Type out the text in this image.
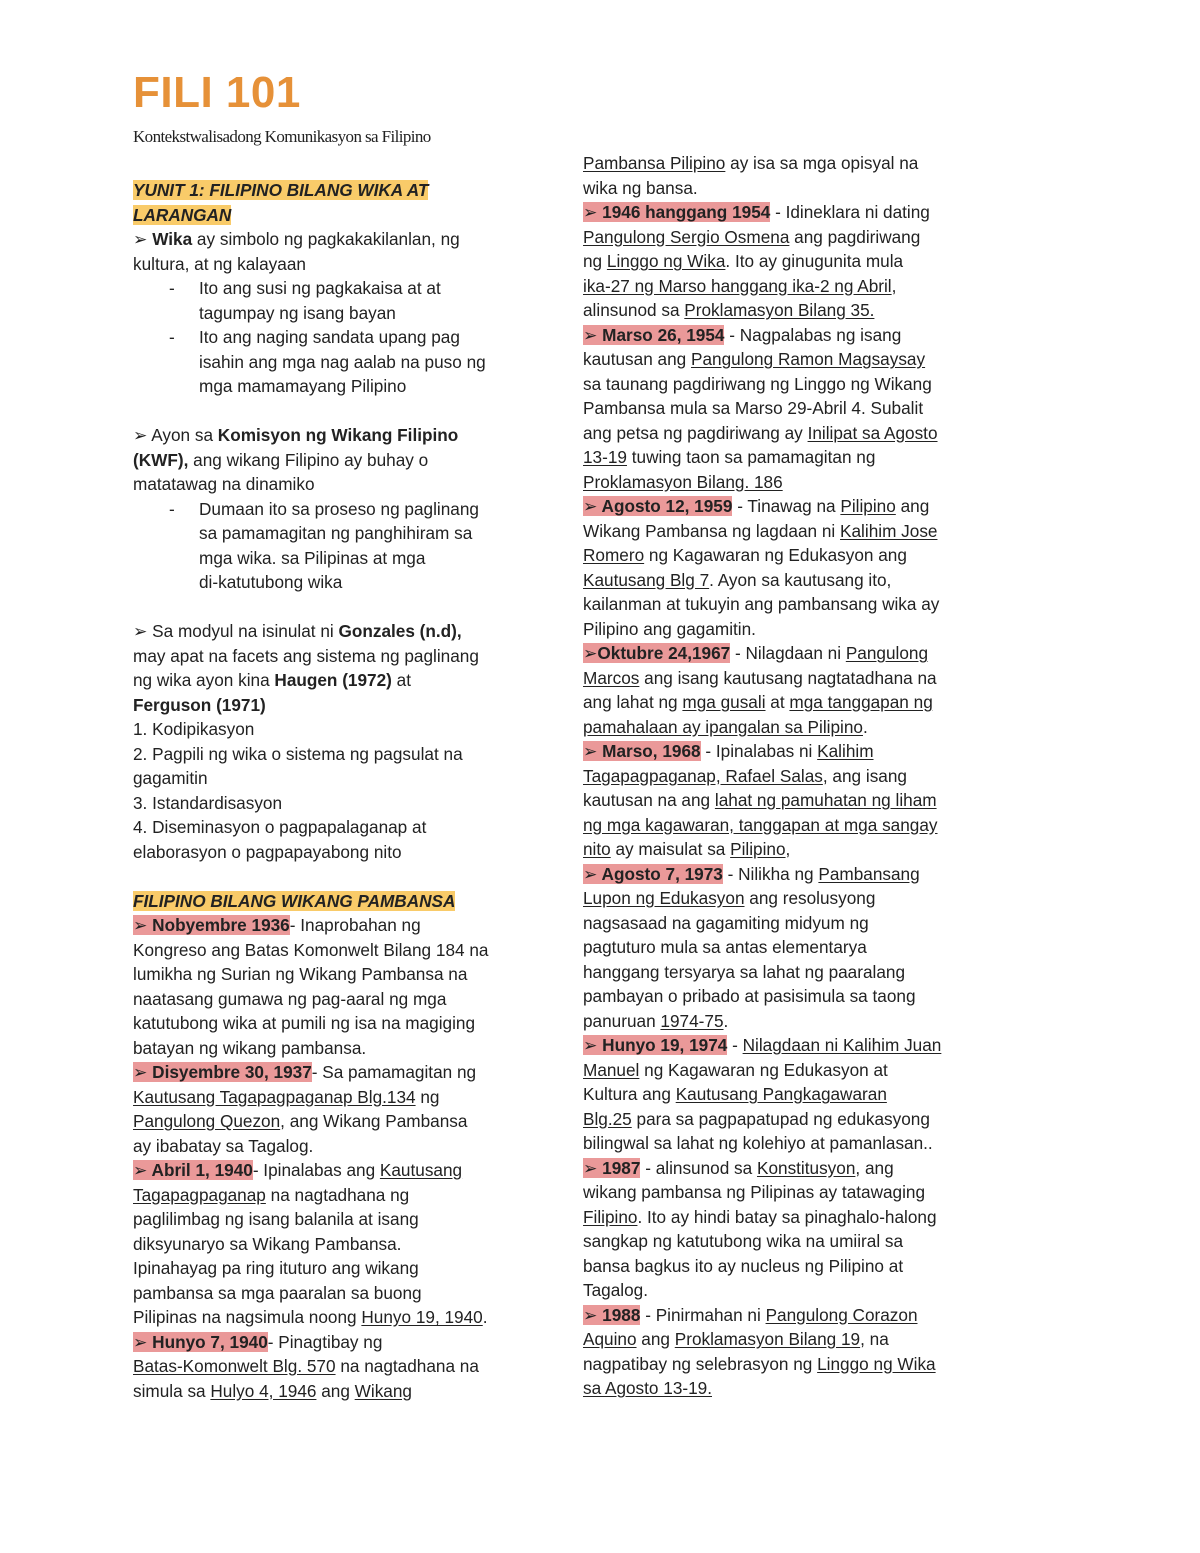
FILI 101
Kontekstwalisadong Komunikasyon sa Filipino

YUNIT 1: FILIPINO BILANG WIKA AT

LARANGAN

➢ Wika ay simbolo ng pagkakakilanlan, ng

kultura, at ng kalayaan

-	Ito ang susi ng pagkakaisa at at
tagumpay ng isang bayan
-	Ito ang naging sandata upang pag
isahin ang mga nag aalab na puso ng
mga mamamayang Pilipino

➢ Ayon sa Komisyon ng Wikang Filipino

(KWF), ang wikang Filipino ay buhay o

matatawag na dinamiko

-	Dumaan ito sa proseso ng paglinang
sa pamamagitan ng panghihiram sa
mga wika. sa Pilipinas at mga
di-katutubong wika

➢ Sa modyul na isinulat ni Gonzales (n.d),

may apat na facets ang sistema ng paglinang

ng wika ayon kina Haugen (1972) at

Ferguson (1971)

1. Kodipikasyon

2. Pagpili ng wika o sistema ng pagsulat na

gagamitin

3. Istandardisasyon

4. Diseminasyon o pagpapalaganap at

elaborasyon o pagpapayabong nito

FILIPINO BILANG WIKANG PAMBANSA

➢ Nobyembre 1936- Inaprobahan ng

Kongreso ang Batas Komonwelt Bilang 184 na

lumikha ng Surian ng Wikang Pambansa na

naatasang gumawa ng pag-aaral ng mga

katutubong wika at pumili ng isa na magiging

batayan ng wikang pambansa.

➢ Disyembre 30, 1937- Sa pamamagitan ng

Kautusang Tagapagpaganap Blg.134 ng

Pangulong Quezon, ang Wikang Pambansa

ay ibabatay sa Tagalog.

➢ Abril 1, 1940- Ipinalabas ang Kautusang

Tagapagpaganap na nagtadhana ng

paglilimbag ng isang balanila at isang

diksyunaryo sa Wikang Pambansa.

Ipinahayag pa ring ituturo ang wikang

pambansa sa mga paaralan sa buong

Pilipinas na nagsimula noong Hunyo 19, 1940.

➢ Hunyo 7, 1940- Pinagtibay ng

Batas-Komonwelt Blg. 570 na nagtadhana na

simula sa Hulyo 4, 1946 ang Wikang

Pambansa Pilipino ay isa sa mga opisyal na

wika ng bansa.

➢ 1946 hanggang 1954 - Idineklara ni dating

Pangulong Sergio Osmena ang pagdiriwang

ng Linggo ng Wika. Ito ay ginugunita mula

ika-27 ng Marso hanggang ika-2 ng Abril,

alinsunod sa Proklamasyon Bilang 35.

➢ Marso 26, 1954 - Nagpalabas ng isang

kautusan ang Pangulong Ramon Magsaysay

sa taunang pagdiriwang ng Linggo ng Wikang

Pambansa mula sa Marso 29-Abril 4. Subalit

ang petsa ng pagdiriwang ay Inilipat sa Agosto

13-19 tuwing taon sa pamamagitan ng

Proklamasyon Bilang. 186

➢ Agosto 12, 1959 - Tinawag na Pilipino ang

Wikang Pambansa ng lagdaan ni Kalihim Jose

Romero ng Kagawaran ng Edukasyon ang

Kautusang Blg 7. Ayon sa kautusang ito,

kailanman at tukuyin ang pambansang wika ay

Pilipino ang gagamitin.

➢Oktubre 24,1967 - Nilagdaan ni Pangulong

Marcos ang isang kautusang nagtatadhana na

ang lahat ng mga gusali at mga tanggapan ng

pamahalaan ay ipangalan sa Pilipino.

➢ Marso, 1968 - Ipinalabas ni Kalihim

Tagapagpaganap, Rafael Salas, ang isang

kautusan na ang lahat ng pamuhatan ng liham

ng mga kagawaran, tanggapan at mga sangay

nito ay maisulat sa Pilipino,

➢ Agosto 7, 1973 - Nilikha ng Pambansang

Lupon ng Edukasyon ang resolusyong

nagsasaad na gagamiting midyum ng

pagtuturo mula sa antas elementarya

hanggang tersyarya sa lahat ng paaralang

pambayan o pribado at pasisimula sa taong

panuruan 1974-75.

➢ Hunyo 19, 1974 - Nilagdaan ni Kalihim Juan

Manuel ng Kagawaran ng Edukasyon at

Kultura ang Kautusang Pangkagawaran

Blg.25 para sa pagpapatupad ng edukasyong

bilingwal sa lahat ng kolehiyo at pamanlasan..

➢ 1987 - alinsunod sa Konstitusyon, ang

wikang pambansa ng Pilipinas ay tatawaging

Filipino. Ito ay hindi batay sa pinaghalo-halong

sangkap ng katutubong wika na umiiral sa

bansa bagkus ito ay nucleus ng Pilipino at

Tagalog.

➢ 1988 - Pinirmahan ni Pangulong Corazon

Aquino ang Proklamasyon Bilang 19, na

nagpatibay ng selebrasyon ng Linggo ng Wika

sa Agosto 13-19.
